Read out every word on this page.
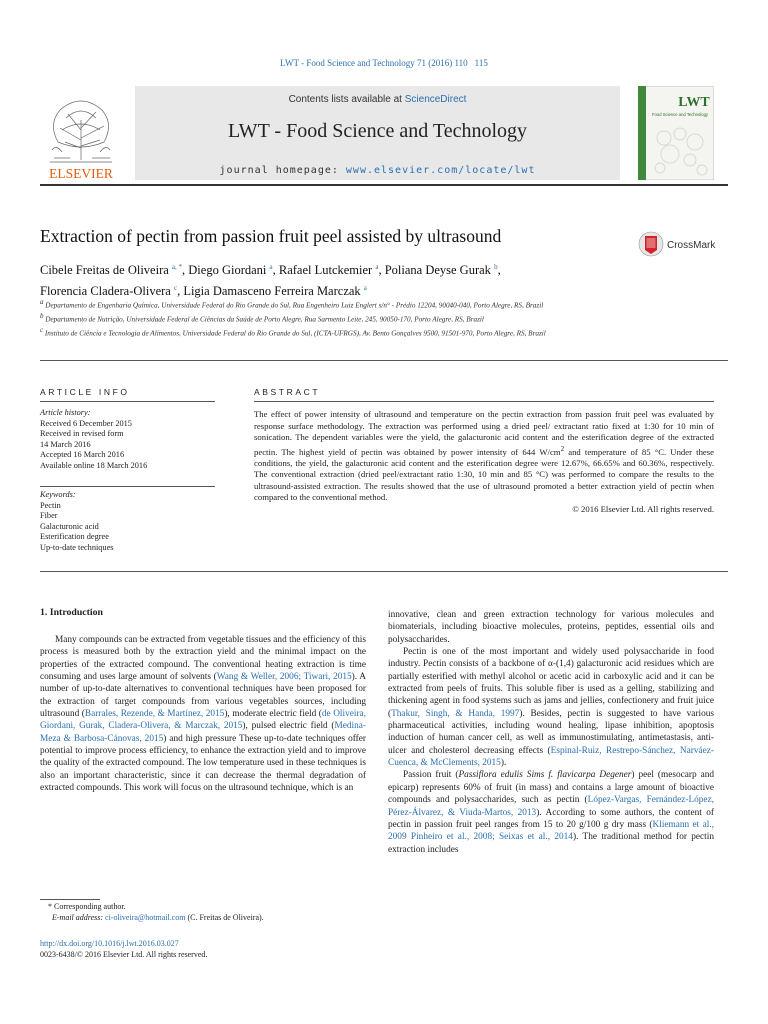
LWT - Food Science and Technology 71 (2016) 110 115
ELSEVIER
Contents lists available at ScienceDirect
LWT - Food Science and Technology
journal homepage: www.elsevier.com/locate/lwt
LWT
Food Science and Technology
Extraction of pectin from passion fruit peel assisted by ultrasound	CrossMark
Cibele Freitas de Oliveira $^{a, *}$, Diego Giordani $^a$, Rafael Lutckemier $^a$, Poliana Deyse Gurak $^b$,
Florencia Cladera-Olivera $^c$, Ligia Damasceno Ferreira Marczak $^a$
$^a$ Departamento de Engenharia Química, Universidade Federal do Rio Grande do Sul, Rua Engenheiro Luiz Englert s/n° - Prédio 12204, 90040-040, Porto Alegre, RS, Brazil
$^b$ Departamento de Nutrição, Universidade Federal de Ciências da Saúde de Porto Alegre, Rua Sarmento Leite, 245, 90050-170, Porto Alegre, RS, Brazil
$^c$ Instituto de Ciência e Tecnologia de Alimentos, Universidade Federal do Rio Grande do Sul, (ICTA-UFRGS), Av. Bento Gonçalves 9500, 91501-970, Porto Alegre, RS, Brazil
ARTICLE INFO
Article history:
Received 6 December 2015
Received in revised form
14 March 2016
Accepted 16 March 2016
Available online 18 March 2016
Keywords:
Pectin
Fiber
Galacturonic acid
Esterification degree
Up-to-date techniques
ABSTRACT
The effect of power intensity of ultrasound and temperature on the pectin extraction from passion fruit peel was evaluated by response surface methodology. The extraction was performed using a dried peel/ extractant ratio fixed at 1:30 for 10 min of sonication. The dependent variables were the yield, the galacturonic acid content and the esterification degree of the extracted pectin. The highest yield of pectin was obtained by power intensity of 644 $W/cm^2$ and temperature of 85 °C. Under these conditions, the yield, the galacturonic acid content and the esterification degree were 12.67%, 66.65% and 60.36%, respectively. The conventional extraction (dried peel/extractant ratio 1:30, 10 min and 85 °C) was performed to compare the results to the ultrasound-assisted extraction. The results showed that the use of ultrasound promoted a better extraction yield of pectin when compared to the conventional method.
© 2016 Elsevier Ltd. All rights reserved.
1. Introduction

Many compounds can be extracted from vegetable tissues and the efficiency of this process is measured both by the extraction yield and the minimal impact on the properties of the extracted compound. The conventional heating extraction is time consuming and uses large amount of solvents (Wang & Weller, 2006; Tiwari, 2015). A number of up-to-date alternatives to conventional techniques have been proposed for the extraction of target compounds from various vegetables sources, including ultrasound (Barrales, Rezende, & Martínez, 2015), moderate electric field (de Oliveira, Giordani, Gurak, Cladera-Olivera, & Marczak, 2015), pulsed electric field (Medina-Meza & Barbosa-Cánovas, 2015) and high pressure These up-to-date techniques offer potential to improve process efficiency, to enhance the extraction yield and to improve the quality of the extracted compound. The low temperature used in these techniques is also an important characteristic, since it can decrease the thermal degradation of extracted compounds. This work will focus on the ultrasound technique, which is an

innovative, clean and green extraction technology for various molecules and biomaterials, including bioactive molecules, proteins, peptides, essential oils and polysaccharides.

Pectin is one of the most important and widely used polysaccharide in food industry. Pectin consists of a backbone of α-(1,4) galacturonic acid residues which are partially esterified with methyl alcohol or acetic acid in carboxylic acid and it can be extracted from peels of fruits. This soluble fiber is used as a gelling, stabilizing and thickening agent in food systems such as jams and jellies, confectionery and fruit juice (Thakur, Singh, & Handa, 1997). Besides, pectin is suggested to have various pharmaceutical activities, including wound healing, lipase inhibition, apoptosis induction of human cancer cell, as well as immunostimulating, antimetastasis, anti-ulcer and cholesterol decreasing effects (Espinal-Ruiz, Restrepo-Sánchez, Narváez-Cuenca, & McClements, 2015).

Passion fruit (Passiflora edulis Sims f. flavicarpa Degener) peel (mesocarp and epicarp) represents 60% of fruit (in mass) and contains a large amount of bioactive compounds and polysaccharides, such as pectin (López-Vargas, Fernández-López, Pérez-Álvarez, & Viuda-Martos, 2013). According to some authors, the content of pectin in passion fruit peel ranges from 15 to 20 g/100 g dry mass (Kliemann et al., 2009 Pinheiro et al., 2008; Seixas et al., 2014). The traditional method for pectin extraction includes

* Corresponding author.
E-mail address: ci-oliveira@hotmail.com (C. Freitas de Oliveira).
http://dx.doi.org/10.1016/j.lwt.2016.03.027
0023-6438/© 2016 Elsevier Ltd. All rights reserved.
